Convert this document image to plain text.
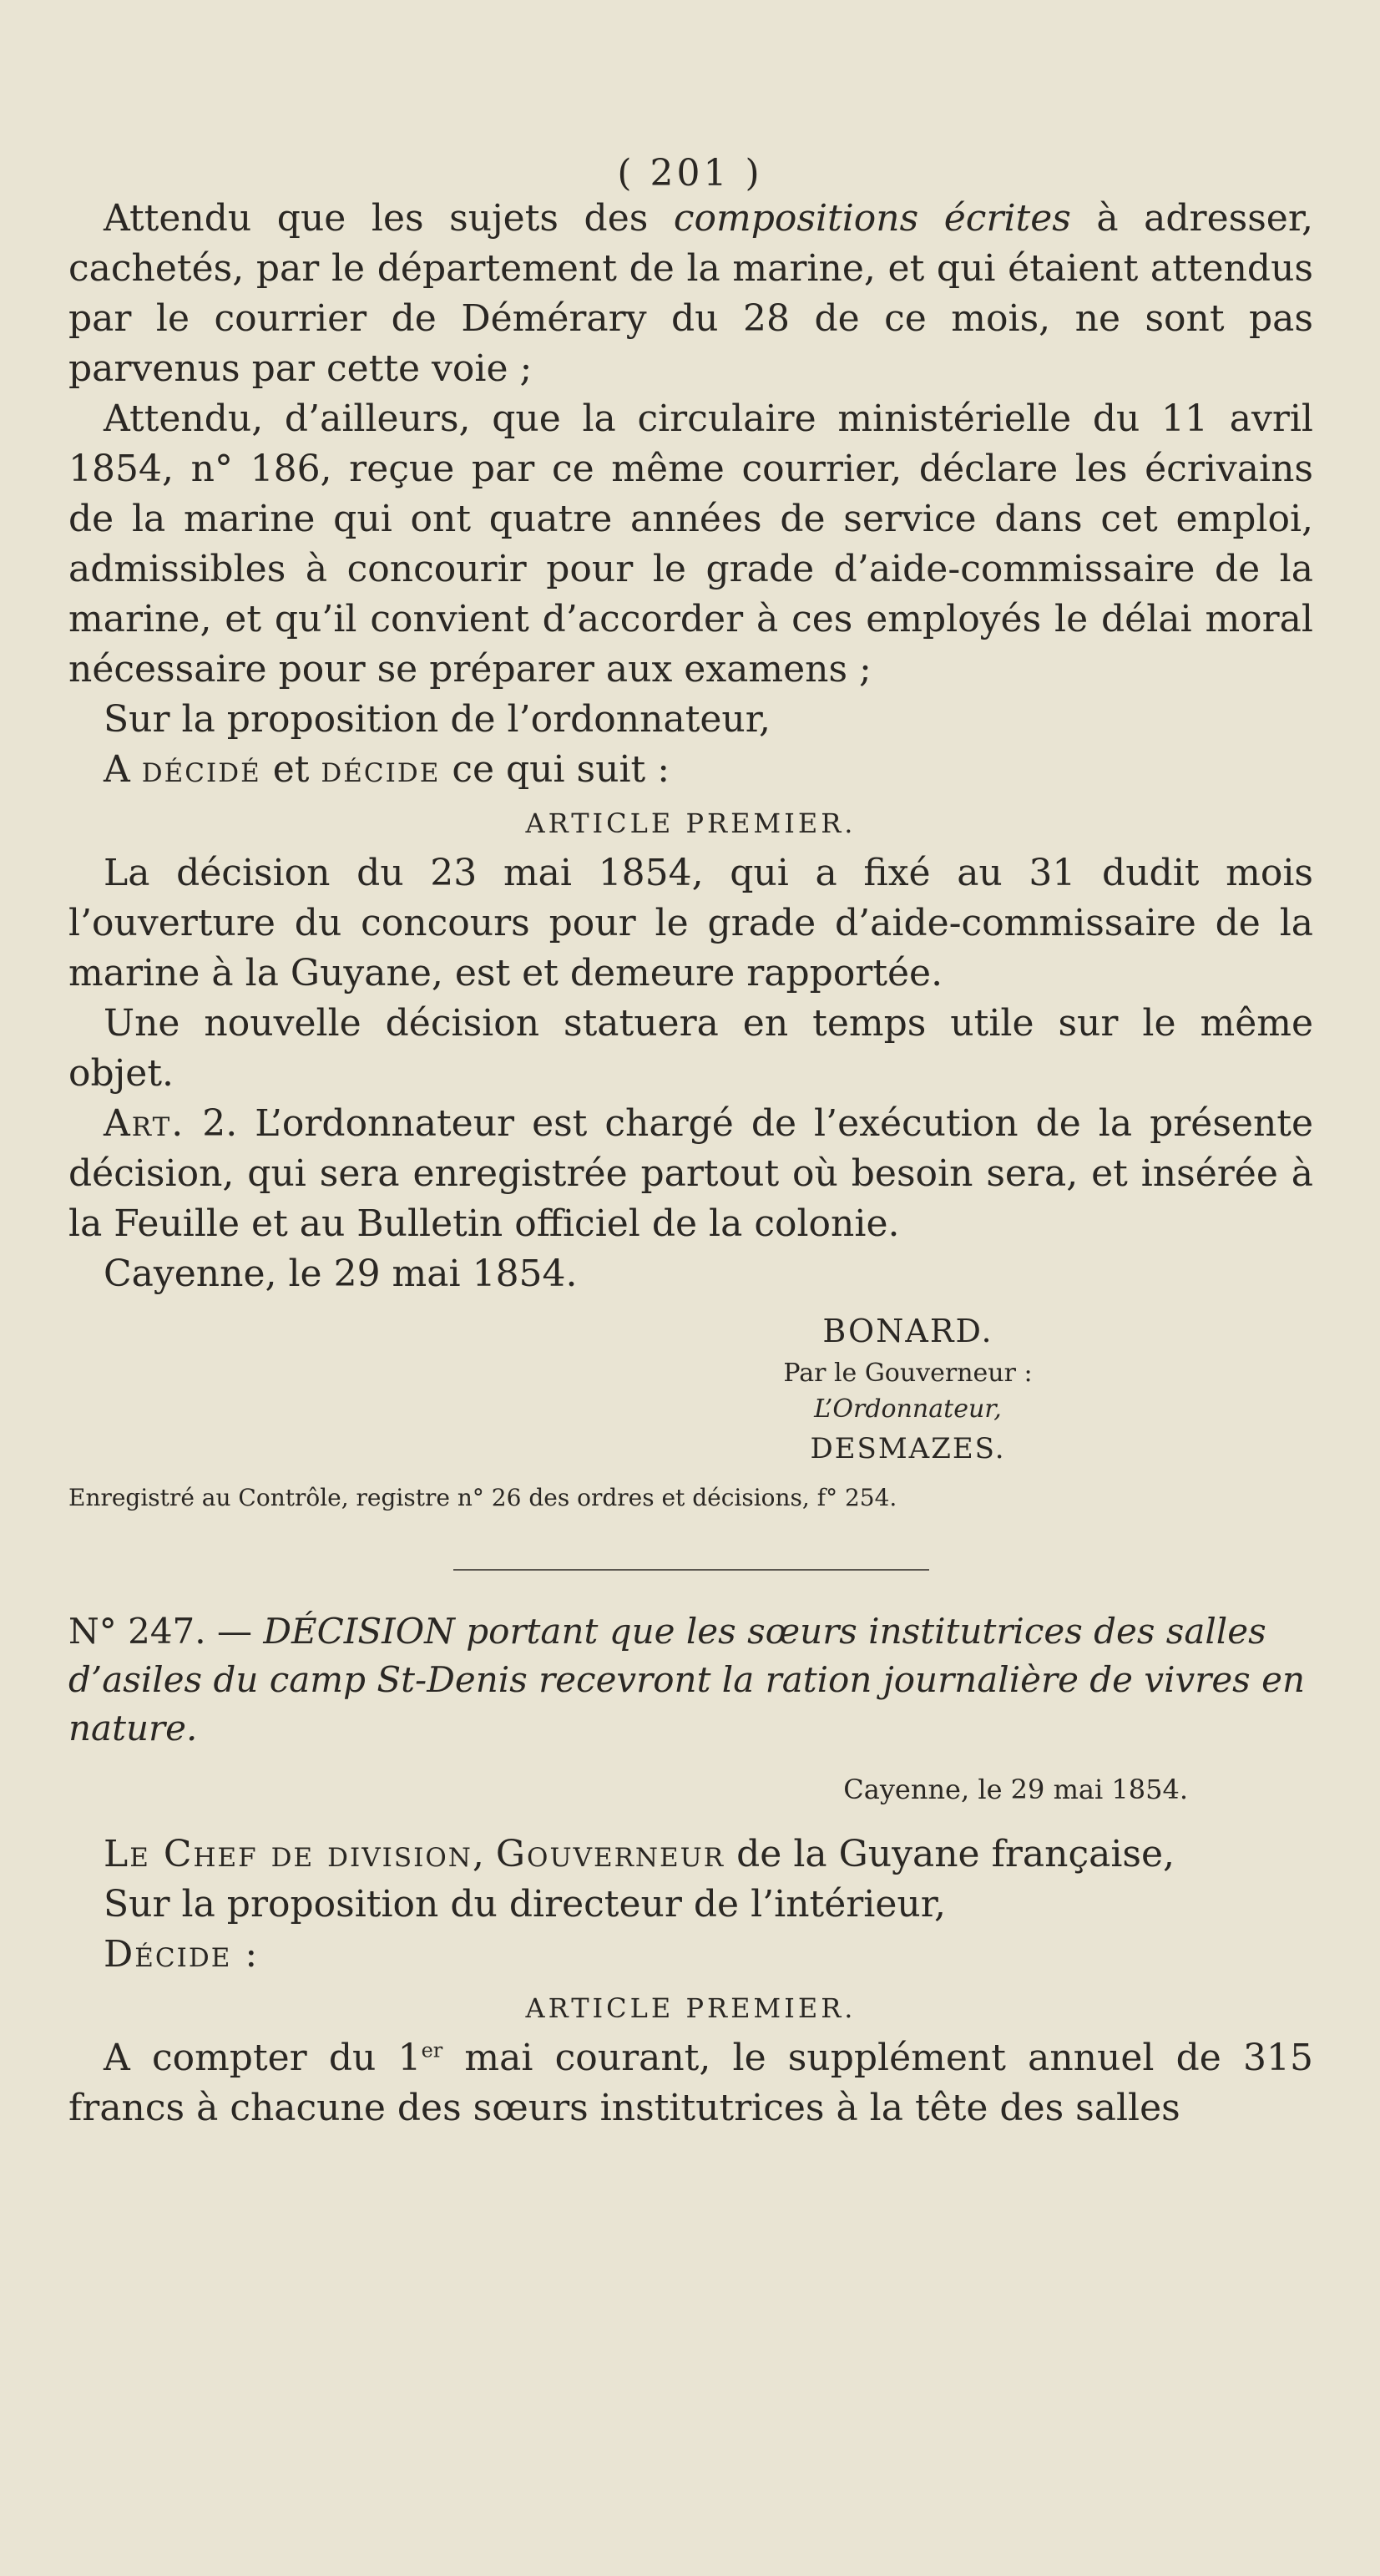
( 201 )

Attendu que les sujets des compositions écrites à adresser, cachetés, par le département de la marine, et qui étaient attendus par le courrier de Démérary du 28 de ce mois, ne sont pas parvenus par cette voie ;

Attendu, d’ailleurs, que la circulaire ministérielle du 11 avril 1854, n° 186, reçue par ce même courrier, déclare les écrivains de la marine qui ont quatre années de service dans cet emploi, admissibles à concourir pour le grade d’aide-commissaire de la marine, et qu’il convient d’accorder à ces employés le délai moral nécessaire pour se préparer aux examens ;

Sur la proposition de l’ordonnateur,

A décidé et décide ce qui suit :

ARTICLE PREMIER.

La décision du 23 mai 1854, qui a fixé au 31 dudit mois l’ouverture du concours pour le grade d’aide-commissaire de la marine à la Guyane, est et demeure rapportée.

Une nouvelle décision statuera en temps utile sur le même objet.

Art. 2. L’ordonnateur est chargé de l’exécution de la présente décision, qui sera enregistrée partout où besoin sera, et insérée à la Feuille et au Bulletin officiel de la colonie.

Cayenne, le 29 mai 1854.

BONARD.
Par le Gouverneur :
L’Ordonnateur,
DESMAZES.

Enregistré au Contrôle, registre n° 26 des ordres et décisions, f° 254.

N° 247. — DÉCISION portant que les sœurs institutrices des salles d’asiles du camp St-Denis recevront la ration journalière de vivres en nature.

Cayenne, le 29 mai 1854.

Le Chef de division, Gouverneur de la Guyane française,

Sur la proposition du directeur de l’intérieur,

Décide :

ARTICLE PREMIER.

A compter du 1er mai courant, le supplément annuel de 315 francs à chacune des sœurs institutrices à la tête des salles
